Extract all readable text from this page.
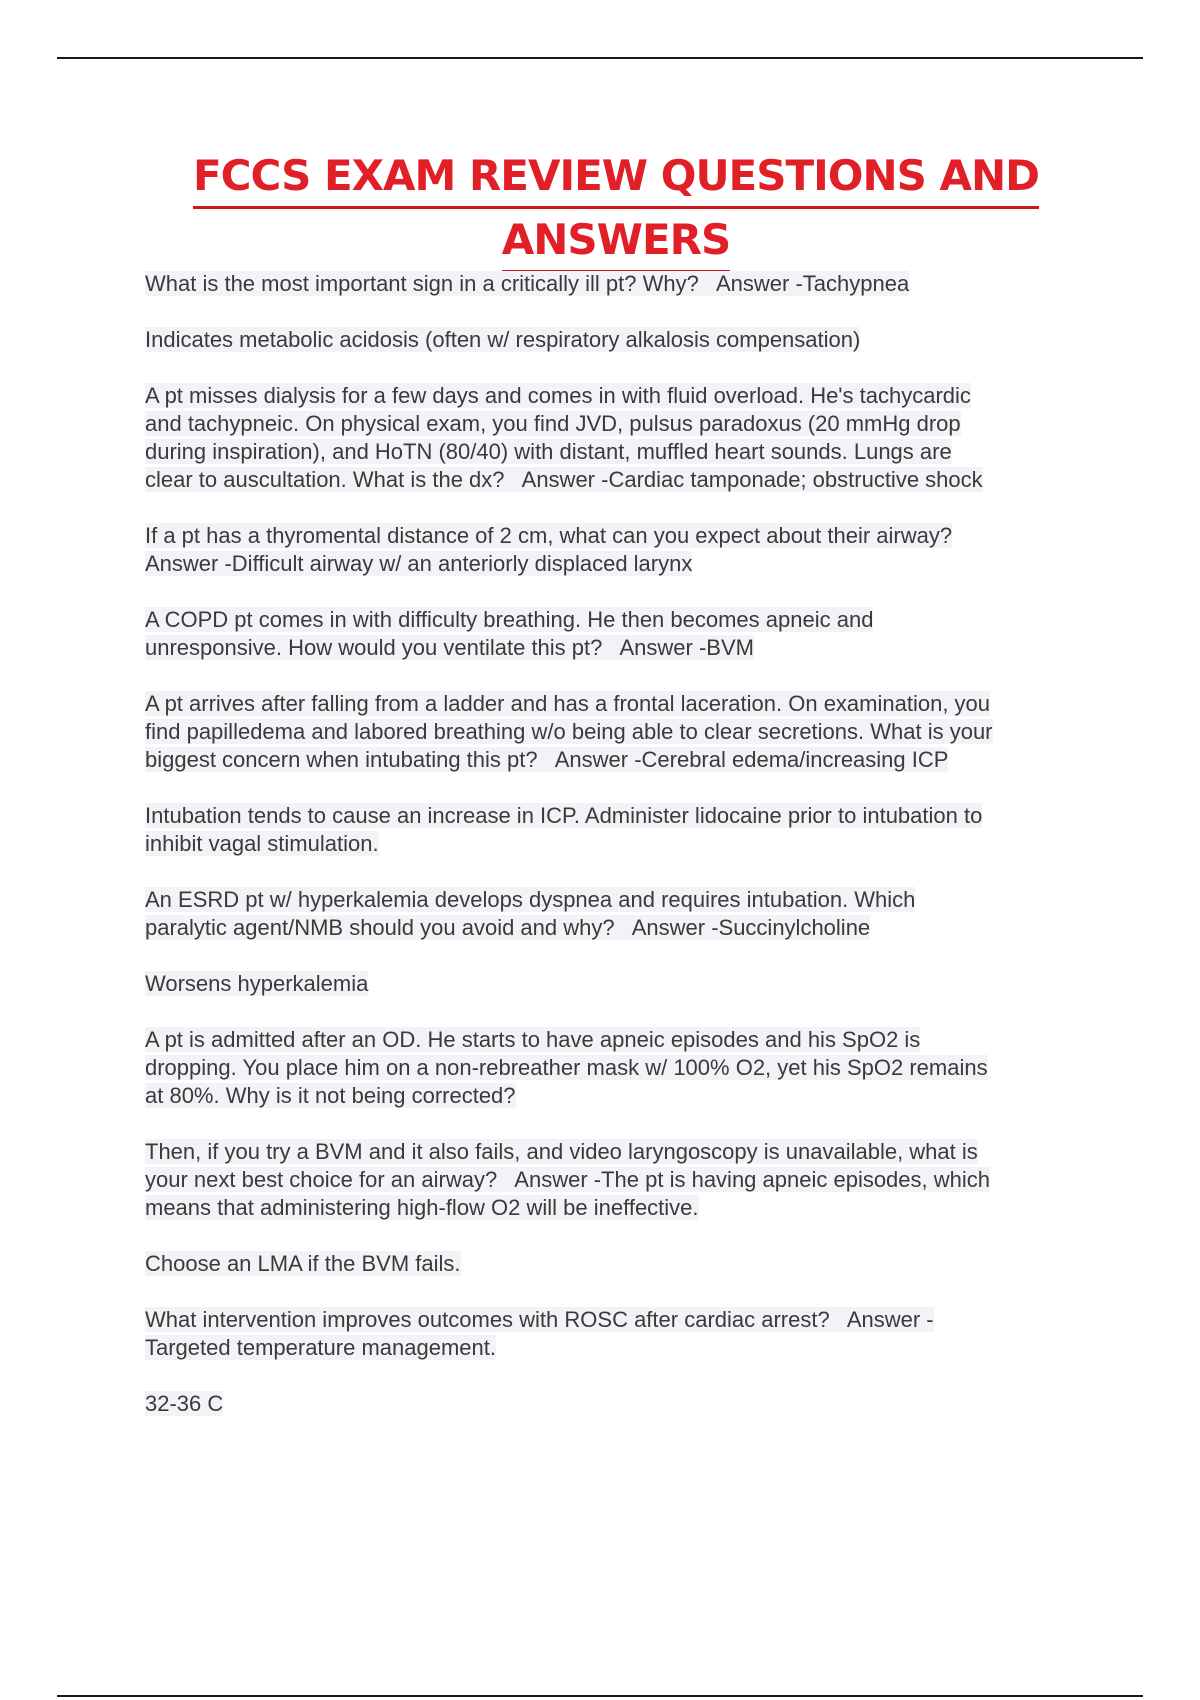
FCCS EXAM REVIEW QUESTIONS AND
ANSWERS
What is the most important sign in a critically ill pt? Why?   Answer -Tachypnea
Indicates metabolic acidosis (often w/ respiratory alkalosis compensation)
A pt misses dialysis for a few days and comes in with fluid overload. He's tachycardic
and tachypneic. On physical exam, you find JVD, pulsus paradoxus (20 mmHg drop
during inspiration), and HoTN (80/40) with distant, muffled heart sounds. Lungs are
clear to auscultation. What is the dx?   Answer -Cardiac tamponade; obstructive shock
If a pt has a thyromental distance of 2 cm, what can you expect about their airway?
Answer -Difficult airway w/ an anteriorly displaced larynx
A COPD pt comes in with difficulty breathing. He then becomes apneic and
unresponsive. How would you ventilate this pt?   Answer -BVM
A pt arrives after falling from a ladder and has a frontal laceration. On examination, you
find papilledema and labored breathing w/o being able to clear secretions. What is your
biggest concern when intubating this pt?   Answer -Cerebral edema/increasing ICP
Intubation tends to cause an increase in ICP. Administer lidocaine prior to intubation to
inhibit vagal stimulation.
An ESRD pt w/ hyperkalemia develops dyspnea and requires intubation. Which
paralytic agent/NMB should you avoid and why?   Answer -Succinylcholine
Worsens hyperkalemia
A pt is admitted after an OD. He starts to have apneic episodes and his SpO2 is
dropping. You place him on a non-rebreather mask w/ 100% O2, yet his SpO2 remains
at 80%. Why is it not being corrected?
Then, if you try a BVM and it also fails, and video laryngoscopy is unavailable, what is
your next best choice for an airway?   Answer -The pt is having apneic episodes, which
means that administering high-flow O2 will be ineffective.
Choose an LMA if the BVM fails.
What intervention improves outcomes with ROSC after cardiac arrest?   Answer -
Targeted temperature management.
32-36 C
